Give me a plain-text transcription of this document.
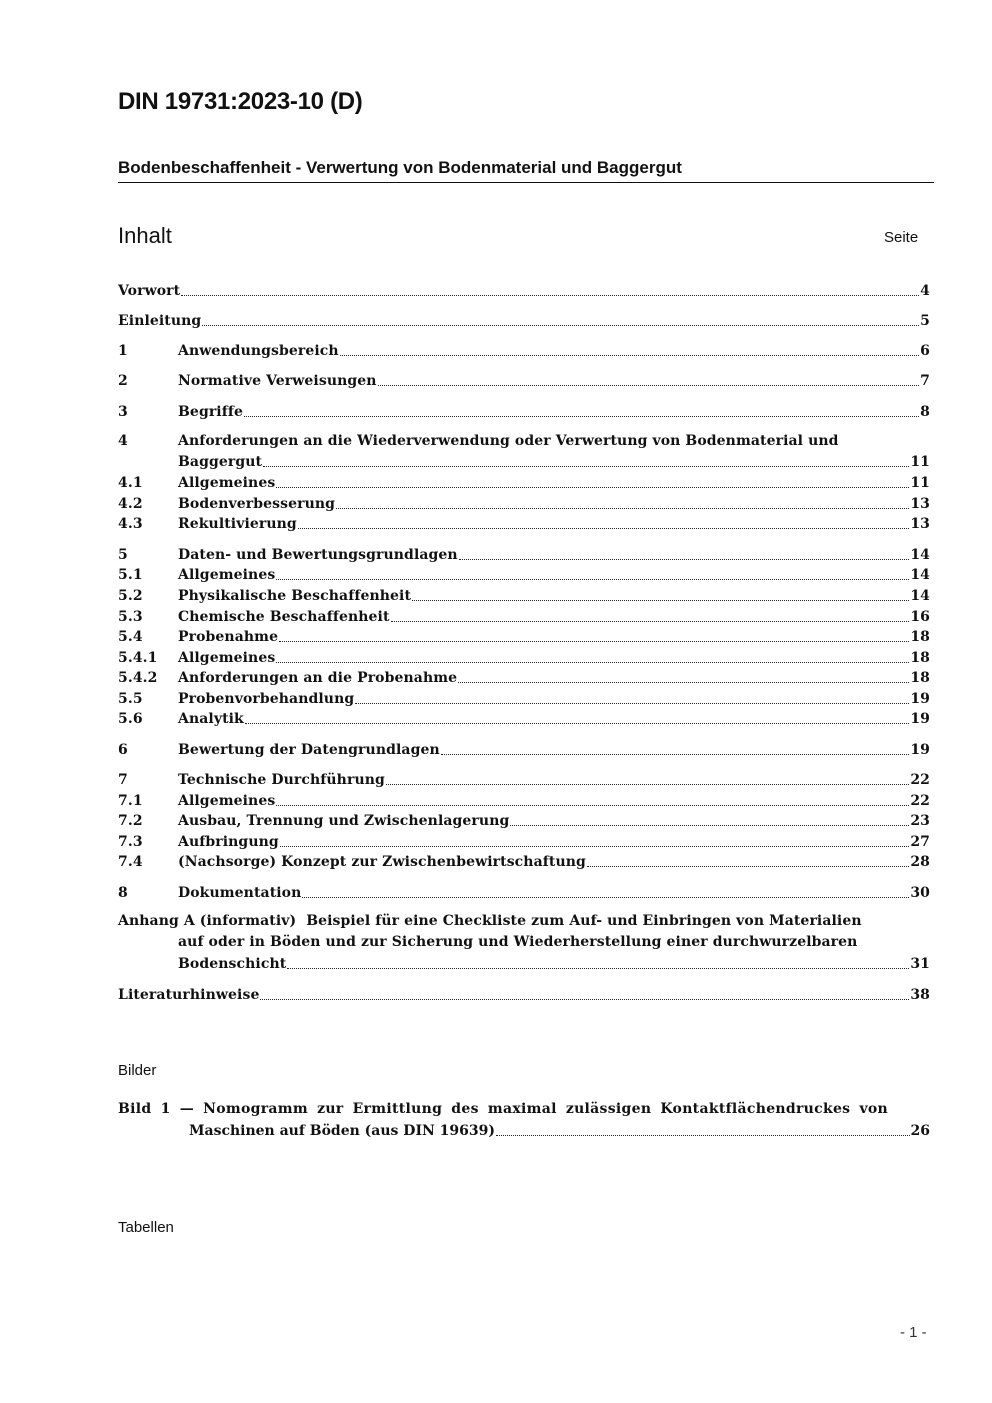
DIN 19731:2023-10 (D)
Bodenbeschaffenheit - Verwertung von Bodenmaterial und Baggergut
Inhalt	Seite
Vorwort	4
Einleitung	5
1	Anwendungsbereich	6
2	Normative Verweisungen	7
3	Begriffe	8
4	Anforderungen an die Wiederverwendung oder Verwertung von Bodenmaterial und
Baggergut	11
4.1	Allgemeines	11
4.2	Bodenverbesserung	13
4.3	Rekultivierung	13
5	Daten- und Bewertungsgrundlagen	14
5.1	Allgemeines	14
5.2	Physikalische Beschaffenheit	14
5.3	Chemische Beschaffenheit	16
5.4	Probenahme	18
5.4.1	Allgemeines	18
5.4.2	Anforderungen an die Probenahme	18
5.5	Probenvorbehandlung	19
5.6	Analytik	19
6	Bewertung der Datengrundlagen	19
7	Technische Durchführung	22
7.1	Allgemeines	22
7.2	Ausbau, Trennung und Zwischenlagerung	23
7.3	Aufbringung	27
7.4	(Nachsorge) Konzept zur Zwischenbewirtschaftung	28
8	Dokumentation	30
Anhang A (informativ)  Beispiel für eine Checkliste zum Auf- und Einbringen von Materialien
auf oder in Böden und zur Sicherung und Wiederherstellung einer durchwurzelbaren
Bodenschicht	31
Literaturhinweise	38
Bilder
Bild 1 — Nomogramm zur Ermittlung des maximal zulässigen Kontaktflächendruckes von
Maschinen auf Böden (aus DIN 19639)	26
Tabellen
- 1 -
